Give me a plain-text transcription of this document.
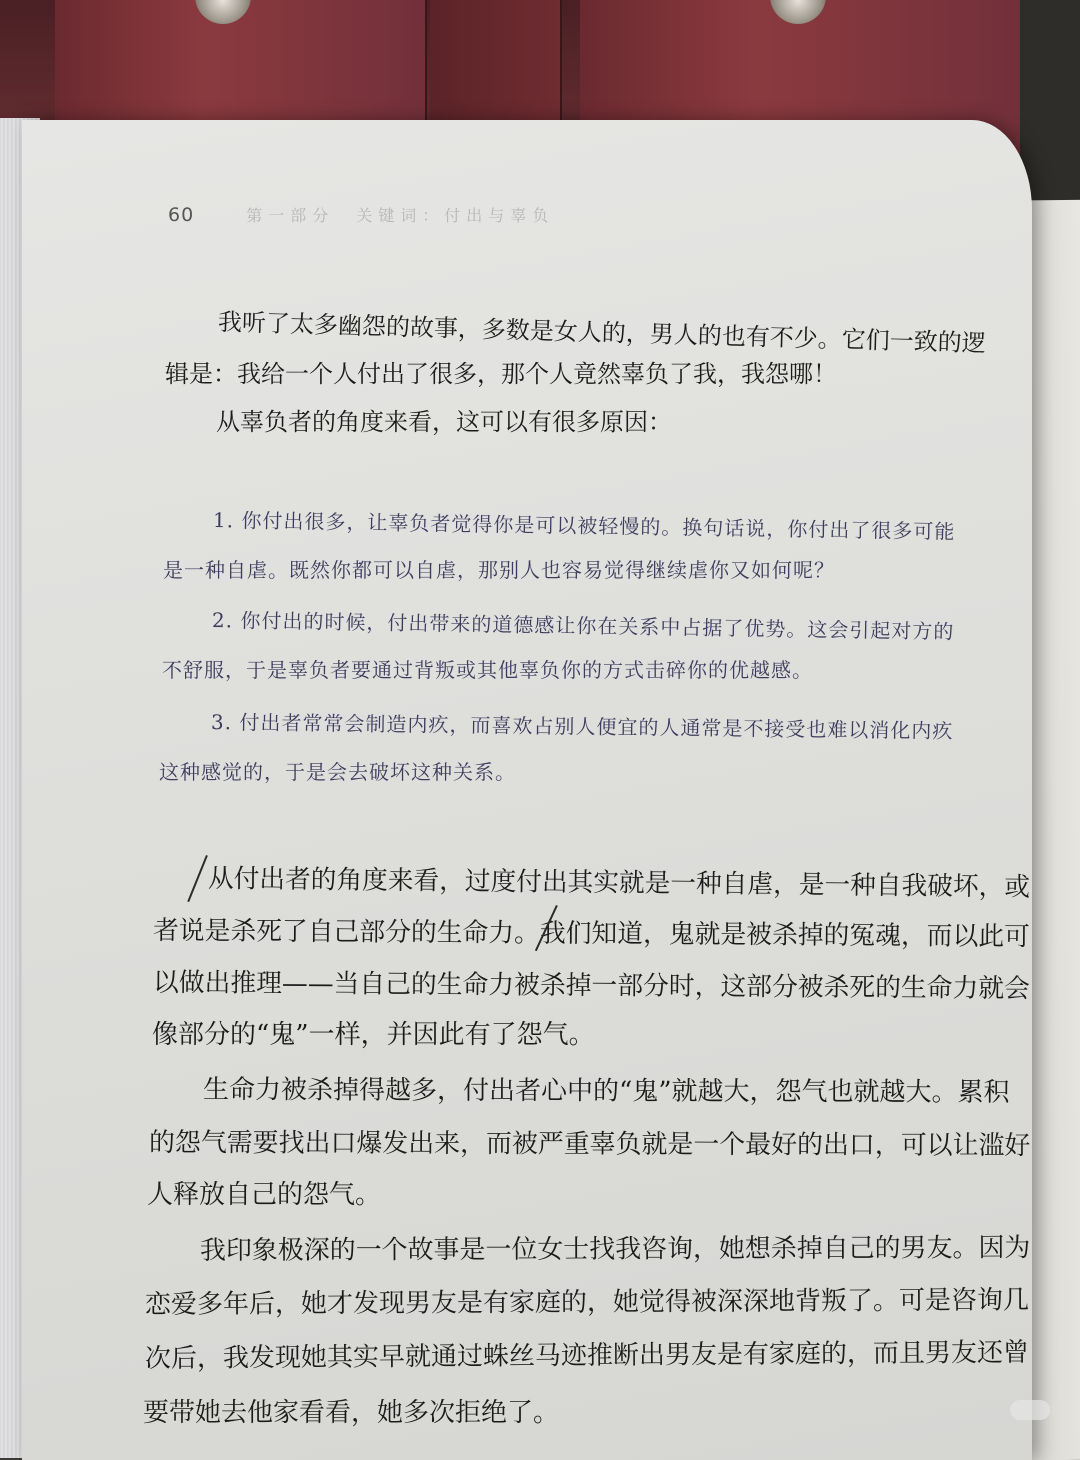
60	第一部分　关键词：付出与辜负
我听了太多幽怨的故事，多数是女人的，男人的也有不少。它们一致的逻
辑是：我给一个人付出了很多，那个人竟然辜负了我，我怨哪！
从辜负者的角度来看，这可以有很多原因：
1. 你付出很多，让辜负者觉得你是可以被轻慢的。换句话说，你付出了很多可能
是一种自虐。既然你都可以自虐，那别人也容易觉得继续虐你又如何呢？
2. 你付出的时候，付出带来的道德感让你在关系中占据了优势。这会引起对方的
不舒服，于是辜负者要通过背叛或其他辜负你的方式击碎你的优越感。
3. 付出者常常会制造内疚，而喜欢占别人便宜的人通常是不接受也难以消化内疚
这种感觉的，于是会去破坏这种关系。
从付出者的角度来看，过度付出其实就是一种自虐，是一种自我破坏，或
者说是杀死了自己部分的生命力。我们知道，鬼就是被杀掉的冤魂，而以此可
以做出推理——当自己的生命力被杀掉一部分时，这部分被杀死的生命力就会
像部分的“鬼”一样，并因此有了怨气。
生命力被杀掉得越多，付出者心中的“鬼”就越大，怨气也就越大。累积
的怨气需要找出口爆发出来，而被严重辜负就是一个最好的出口，可以让滥好
人释放自己的怨气。
我印象极深的一个故事是一位女士找我咨询，她想杀掉自己的男友。因为
恋爱多年后，她才发现男友是有家庭的，她觉得被深深地背叛了。可是咨询几
次后，我发现她其实早就通过蛛丝马迹推断出男友是有家庭的，而且男友还曾
要带她去他家看看，她多次拒绝了。
